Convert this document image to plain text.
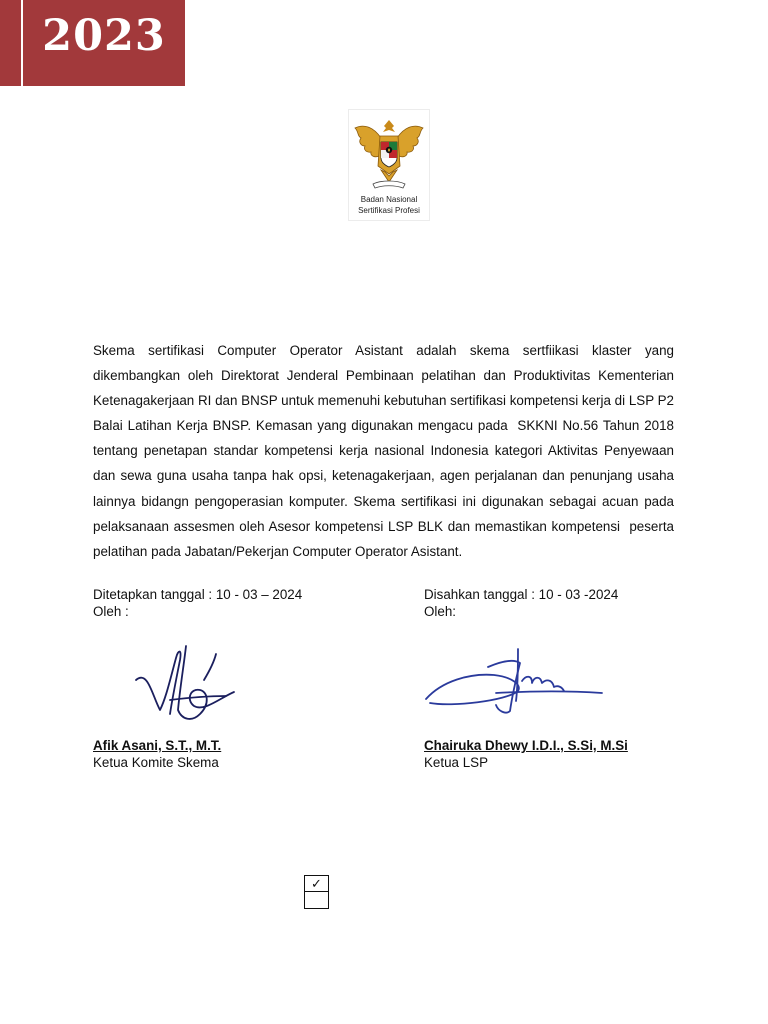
2023
Badan Nasional
Sertifikasi Profesi
Skema sertifikasi Computer Operator Asistant adalah skema sertfiikasi klaster yang  dikembangkan oleh Direktorat Jenderal Pembinaan pelatihan dan Produktivitas Kementerian Ketenagakerjaan RI dan BNSP untuk memenuhi kebutuhan sertifikasi kompetensi kerja di LSP P2 Balai Latihan Kerja BNSP. Kemasan yang digunakan mengacu pada  SKKNI No.56 Tahun 2018 tentang penetapan standar kompetensi kerja nasional Indonesia kategori Aktivitas Penyewaan dan sewa guna usaha tanpa hak opsi, ketenagakerjaan, agen perjalanan dan penunjang usaha lainnya bidangn pengoperasian komputer. Skema sertifikasi ini digunakan sebagai acuan pada pelaksanaan assesmen oleh Asesor kompetensi LSP BLK dan memastikan kompetensi  peserta pelatihan pada Jabatan/Pekerjan Computer Operator Asistant.
Ditetapkan tanggal : 10 - 03 – 2024
Oleh :
Disahkan tanggal : 10 - 03 -2024
Oleh:
Afik Asani, S.T., M.T.
Ketua Komite Skema
Chairuka Dhewy I.D.I., S.Si, M.Si
Ketua LSP
✓
